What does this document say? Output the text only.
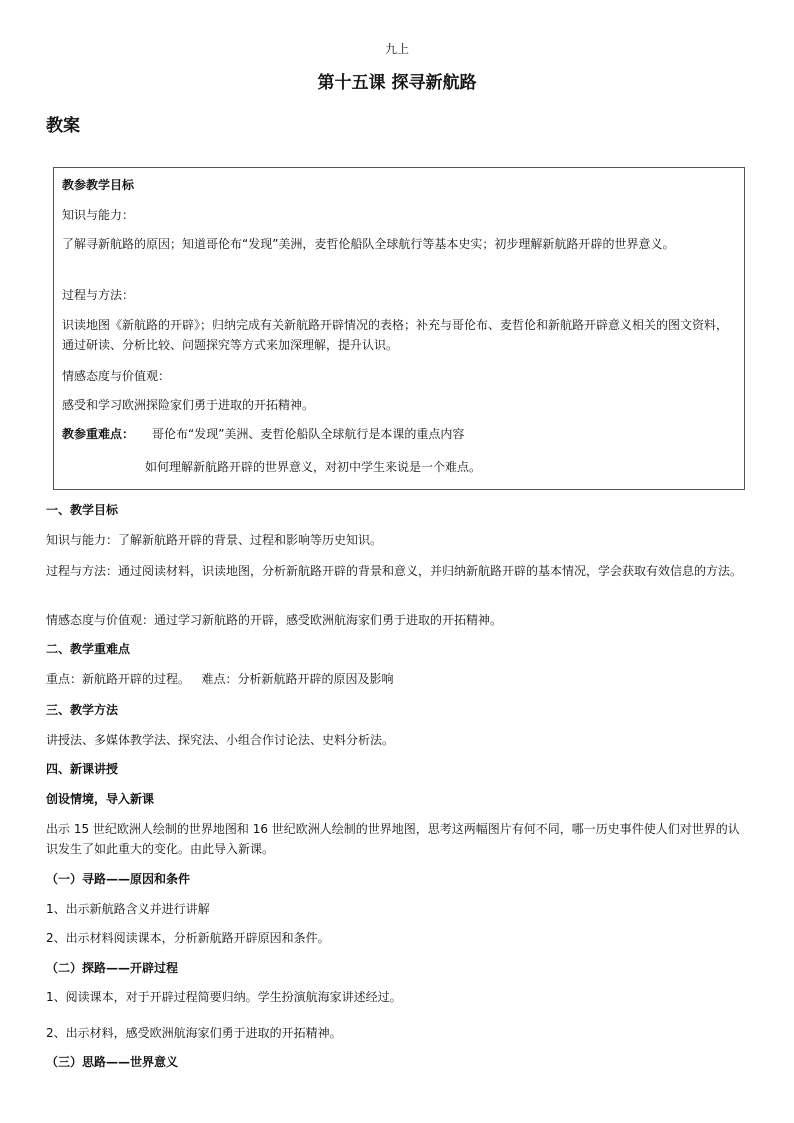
九上
第十五课 探寻新航路
教案
教参教学目标
知识与能力：
了解寻新航路的原因；知道哥伦布“发现”美洲，麦哲伦船队全球航行等基本史实；初步理解新航路开辟的世界意义。
过程与方法：
识读地图《新航路的开辟》；归纳完成有关新航路开辟情况的表格；补充与哥伦布、麦哲伦和新航路开辟意义相关的图文资料，通过研读、分析比较、问题探究等方式来加深理解，提升认识。
情感态度与价值观：
感受和学习欧洲探险家们勇于进取的开拓精神。
教参重难点： 哥伦布“发现”美洲、麦哲伦船队全球航行是本课的重点内容
如何理解新航路开辟的世界意义，对初中学生来说是一个难点。
一、教学目标
知识与能力：了解新航路开辟的背景、过程和影响等历史知识。
过程与方法：通过阅读材料，识读地图，分析新航路开辟的背景和意义，并归纳新航路开辟的基本情况，学会获取有效信息的方法。
情感态度与价值观：通过学习新航路的开辟，感受欧洲航海家们勇于进取的开拓精神。
二、教学重难点
重点：新航路开辟的过程。   难点：分析新航路开辟的原因及影响
三、教学方法
讲授法、多媒体教学法、探究法、小组合作讨论法、史料分析法。
四、新课讲授
创设情境，导入新课
出示 15 世纪欧洲人绘制的世界地图和 16 世纪欧洲人绘制的世界地图，思考这两幅图片有何不同，哪一历史事件使人们对世界的认识发生了如此重大的变化。由此导入新课。
（一）寻路——原因和条件
1、出示新航路含义并进行讲解
2、出示材料阅读课本，分析新航路开辟原因和条件。
（二）探路——开辟过程
1、阅读课本，对于开辟过程简要归纳。学生扮演航海家讲述经过。
2、出示材料，感受欧洲航海家们勇于进取的开拓精神。
（三）思路——世界意义
